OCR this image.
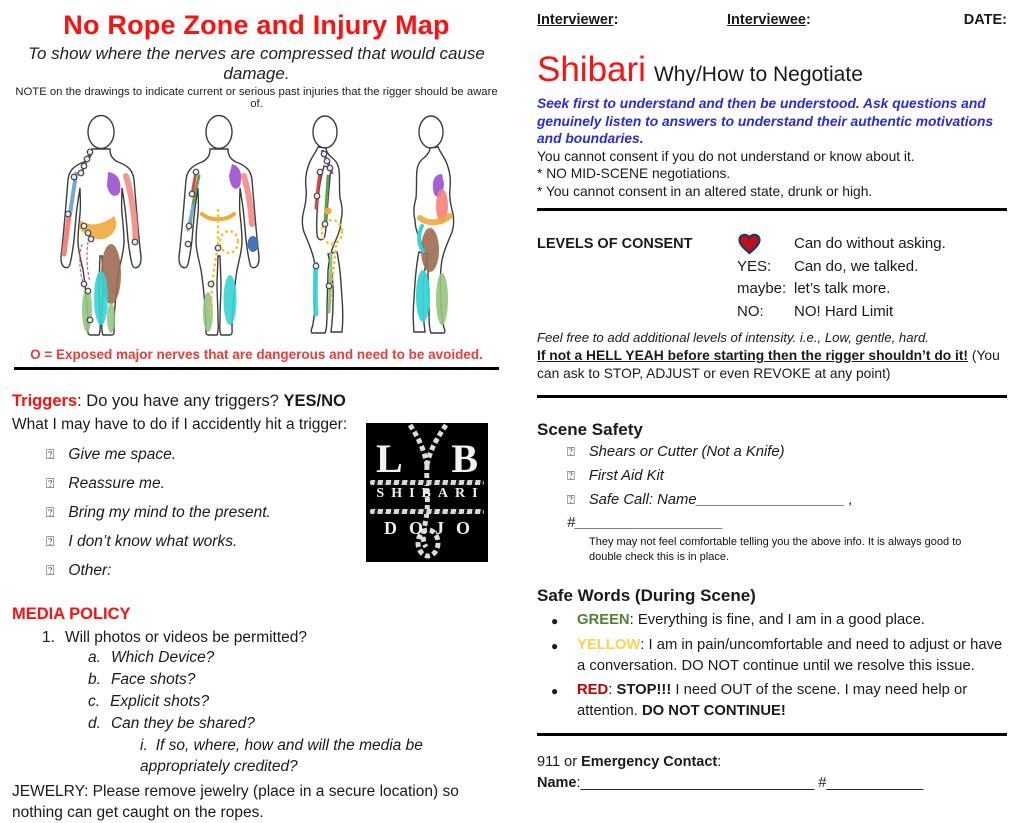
No Rope Zone and Injury Map
To show where the nerves are compressed that would cause damage.
NOTE on the drawings to indicate current or serious past injuries that the rigger should be aware of.
O = Exposed major nerves that are dangerous and need to be avoided.
Triggers: Do you have any triggers? YES/NO
What I may have to do if I accidently hit a trigger:
⍰ Give me space.
⍰ Reassure me.
⍰ Bring my mind to the present.
⍰ I don’t know what works.
⍰ Other:
MEDIA POLICY
1. Will photos or videos be permitted?
a. Which Device?
b. Face shots?
c. Explicit shots?
d. Can they be shared?
i. If so, where, how and will the media be appropriately credited?
JEWELRY: Please remove jewelry (place in a secure location) so nothing can get caught on the ropes.
L B
SHIBARI
DOJO
Interviewer:	Interviewee:	DATE:
Shibari Why/How to Negotiate
Seek first to understand and then be understood. Ask questions and genuinely listen to answers to understand their authentic motivations and boundaries.
You cannot consent if you do not understand or know about it.
* NO MID-SCENE negotiations.
* You cannot consent in an altered state, drunk or high.
LEVELS OF CONSENT	Can do without asking.
YES:	Can do, we talked.
maybe: let’s talk more.
NO:	NO! Hard Limit
Feel free to add additional levels of intensity. i.e., Low, gentle, hard.
If not a HELL YEAH before starting then the rigger shouldn’t do it! (You can ask to STOP, ADJUST or even REVOKE at any point)
Scene Safety
⍰ Shears or Cutter (Not a Knife)
⍰ First Aid Kit
⍰ Safe Call: Name__________________ , #__________________
They may not feel comfortable telling you the above info. It is always good to double check this is in place.
Safe Words (During Scene)
●	GREEN: Everything is fine, and I am in a good place.
●	YELLOW: I am in pain/uncomfortable and need to adjust or have a conversation. DO NOT continue until we resolve this issue.
●	RED: STOP!!! I need OUT of the scene. I may need help or attention. DO NOT CONTINUE!
911 or Emergency Contact:
Name:_____________________________ #____________
